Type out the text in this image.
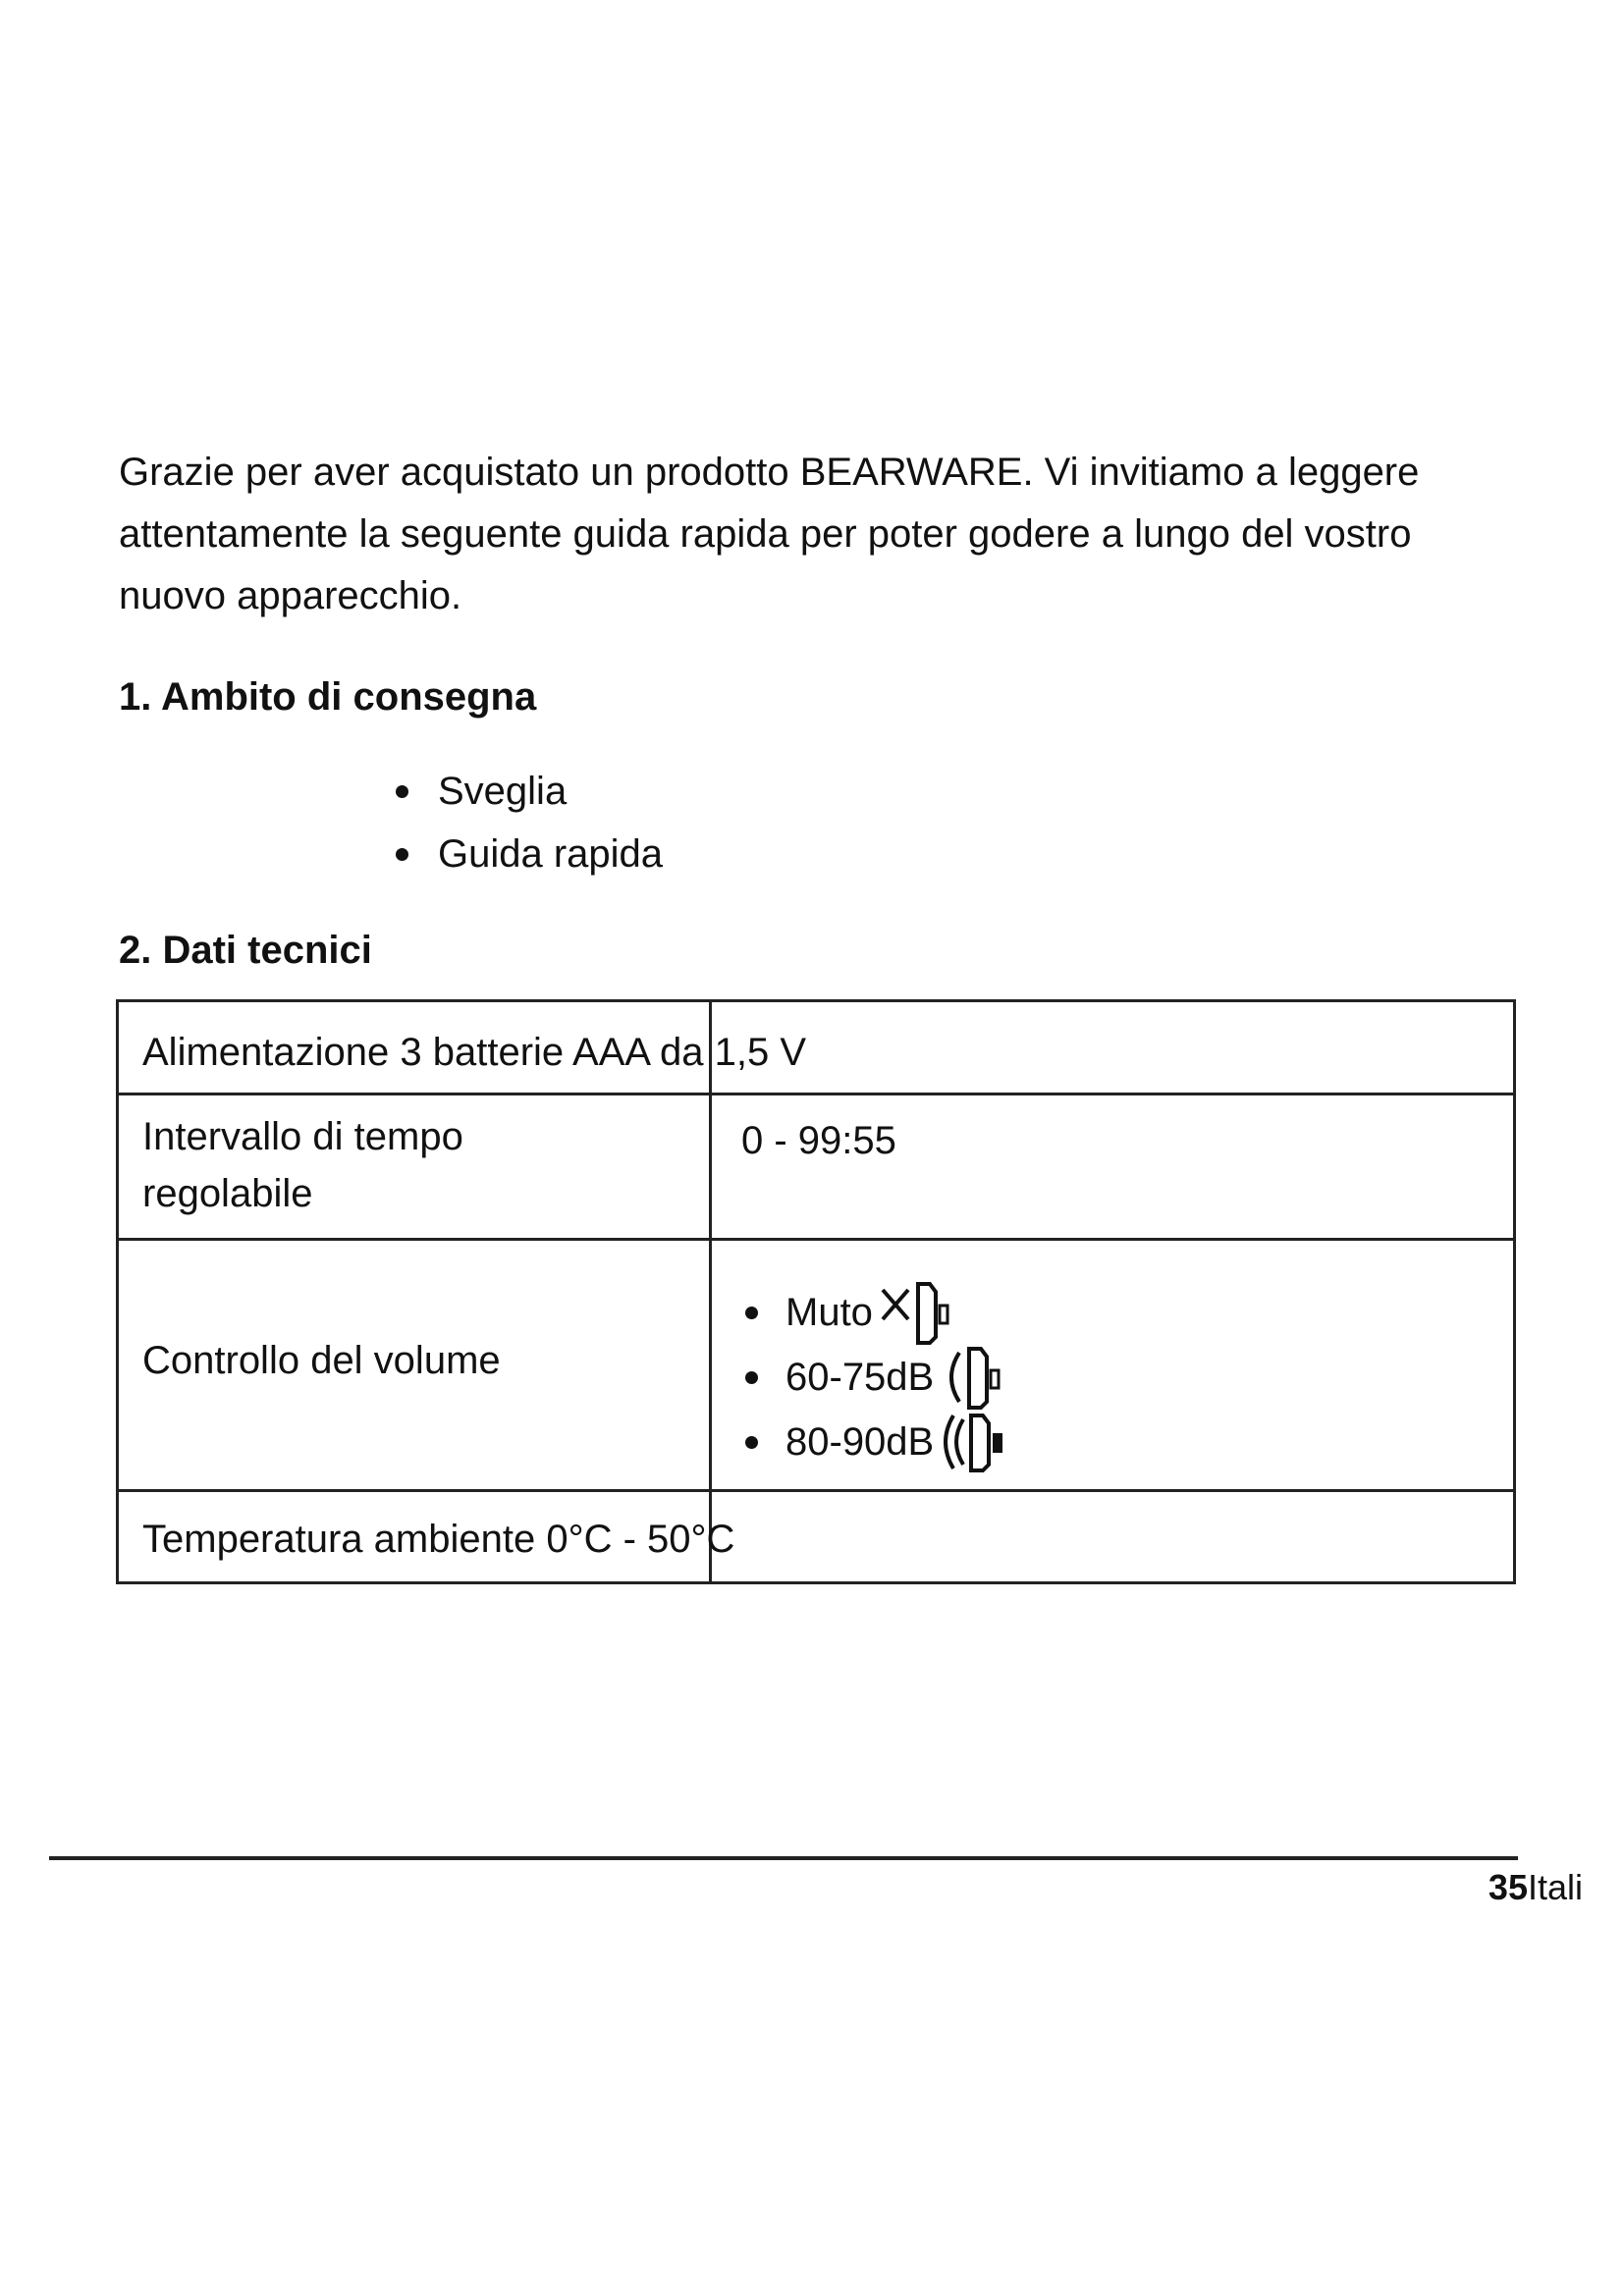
Grazie per aver acquistato un prodotto BEARWARE. Vi invitiamo a leggere
attentamente la seguente guida rapida per poter godere a lungo del vostro
nuovo apparecchio.

1. Ambito di consegna
Sveglia
Guida rapida
2. Dati tecnici
Alimentazione 3 batterie AAA da 1,5 V
Intervallo di tempo
regolabile
0 - 99:55
Controllo del volume
Muto
60-75dB
80-90dB
Temperatura ambiente 0°C - 50°C
35Itali
